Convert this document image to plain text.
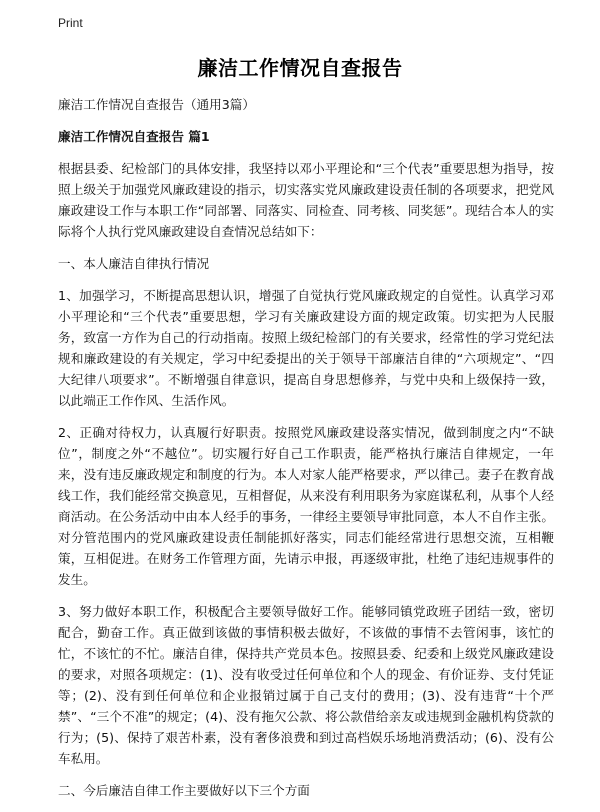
Print
廉洁工作情况自查报告
廉洁工作情况自查报告（通用3篇）
廉洁工作情况自查报告 篇1
根据县委、纪检部门的具体安排，我坚持以邓小平理论和“三个代表”重要思想为指导，按照上级关于加强党风廉政建设的指示，切实落实党风廉政建设责任制的各项要求，把党风廉政建设工作与本职工作“同部署、同落实、同检查、同考核、同奖惩”。现结合本人的实际将个人执行党风廉政建设自查情况总结如下：
一、本人廉洁自律执行情况
1、加强学习，不断提高思想认识，增强了自觉执行党风廉政规定的自觉性。认真学习邓小平理论和“三个代表”重要思想，学习有关廉政建设方面的规定政策。切实把为人民服务，致富一方作为自己的行动指南。按照上级纪检部门的有关要求，经常性的学习党纪法规和廉政建设的有关规定，学习中纪委提出的关于领导干部廉洁自律的“六项规定”、“四大纪律八项要求”。不断增强自律意识，提高自身思想修养，与党中央和上级保持一致，以此端正工作作风、生活作风。
2、正确对待权力，认真履行好职责。按照党风廉政建设落实情况，做到制度之内“不缺位”，制度之外“不越位”。切实履行好自己工作职责，能严格执行廉洁自律规定，一年来，没有违反廉政规定和制度的行为。本人对家人能严格要求，严以律己。妻子在教育战线工作，我们能经常交换意见，互相督促，从来没有利用职务为家庭谋私利，从事个人经商活动。在公务活动中由本人经手的事务，一律经主要领导审批同意，本人不自作主张。对分管范围内的党风廉政建设责任制能抓好落实，同志们能经常进行思想交流，互相鞭策，互相促进。在财务工作管理方面，先请示申报，再逐级审批，杜绝了违纪违规事件的发生。
3、努力做好本职工作，积极配合主要领导做好工作。能够同镇党政班子团结一致，密切配合，勤奋工作。真正做到该做的事情积极去做好，不该做的事情不去管闲事，该忙的忙，不该忙的不忙。廉洁自律，保持共产党员本色。按照县委、纪委和上级党风廉政建设的要求，对照各项规定：(1)、没有收受过任何单位和个人的现金、有价证券、支付凭证等；(2)、没有到任何单位和企业报销过属于自己支付的费用；(3)、没有违背“十个严禁”、“三个不准”的规定；(4)、没有拖欠公款、将公款借给亲友或违规到金融机构贷款的行为；(5)、保持了艰苦朴素，没有奢侈浪费和到过高档娱乐场地消费活动；(6)、没有公车私用。
二、今后廉洁自律工作主要做好以下三个方面
